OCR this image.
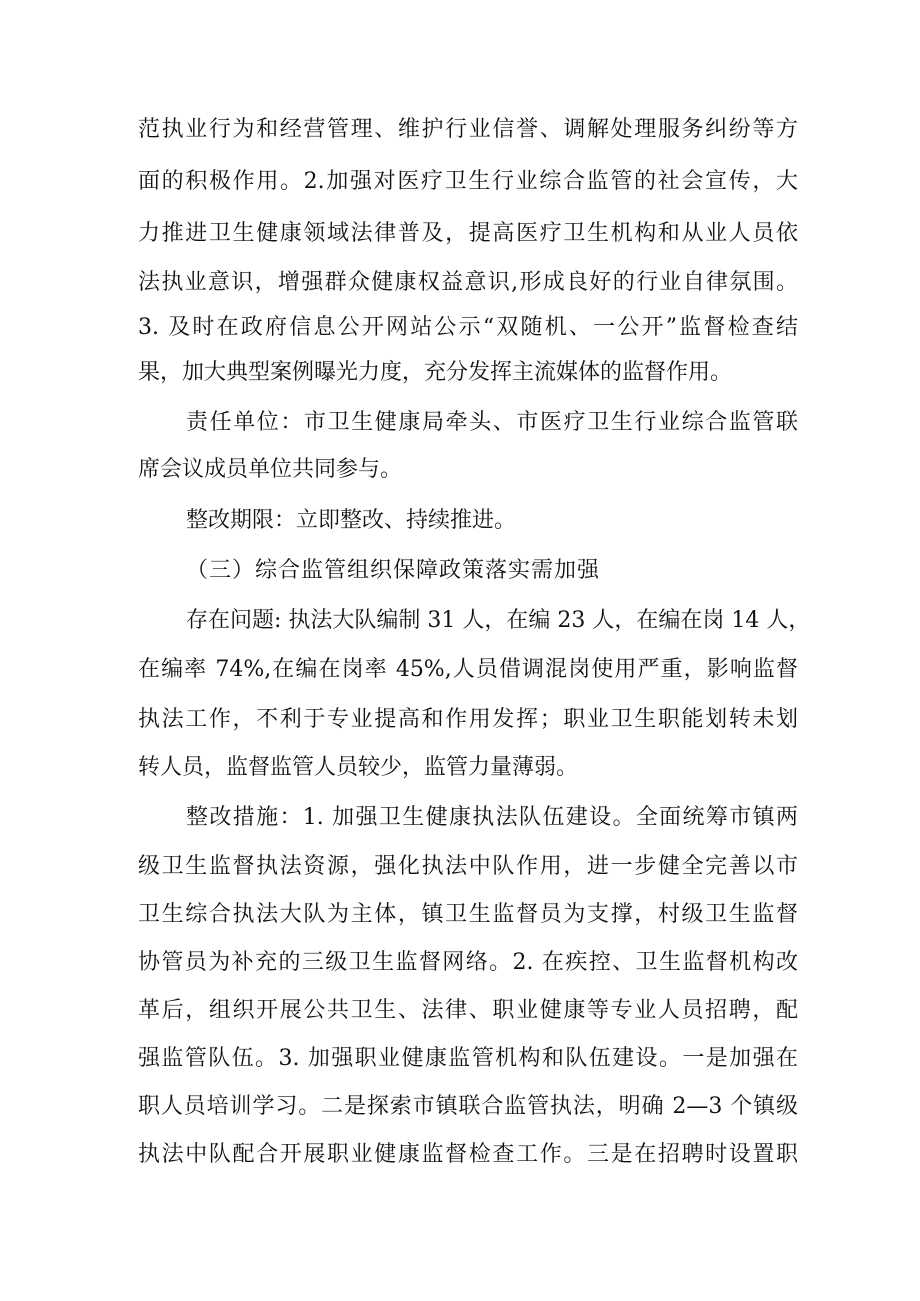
范执业行为和经营管理、维护行业信誉、调解处理服务纠纷等方

面的积极作用。2.加强对医疗卫生行业综合监管的社会宣传，大

力推进卫生健康领域法律普及，提高医疗卫生机构和从业人员依

法执业意识，增强群众健康权益意识,形成良好的行业自律氛围。

3. 及时在政府信息公开网站公示“双随机、一公开”监督检查结

果，加大典型案例曝光力度，充分发挥主流媒体的监督作用。

责任单位：市卫生健康局牵头、市医疗卫生行业综合监管联

席会议成员单位共同参与。

整改期限：立即整改、持续推进。

（三）综合监管组织保障政策落实需加强

存在问题: 执法大队编制 31 人，在编 23 人，在编在岗 14 人，

在编率 74%,在编在岗率 45%,人员借调混岗使用严重，影响监督

执法工作，不利于专业提高和作用发挥；职业卫生职能划转未划

转人员，监督监管人员较少，监管力量薄弱。

整改措施：1. 加强卫生健康执法队伍建设。全面统筹市镇两

级卫生监督执法资源，强化执法中队作用，进一步健全完善以市

卫生综合执法大队为主体，镇卫生监督员为支撑，村级卫生监督

协管员为补充的三级卫生监督网络。2. 在疾控、卫生监督机构改

革后，组织开展公共卫生、法律、职业健康等专业人员招聘，配

强监管队伍。3. 加强职业健康监管机构和队伍建设。一是加强在

职人员培训学习。二是探索市镇联合监管执法，明确 2—3 个镇级

执法中队配合开展职业健康监督检查工作。三是在招聘时设置职
